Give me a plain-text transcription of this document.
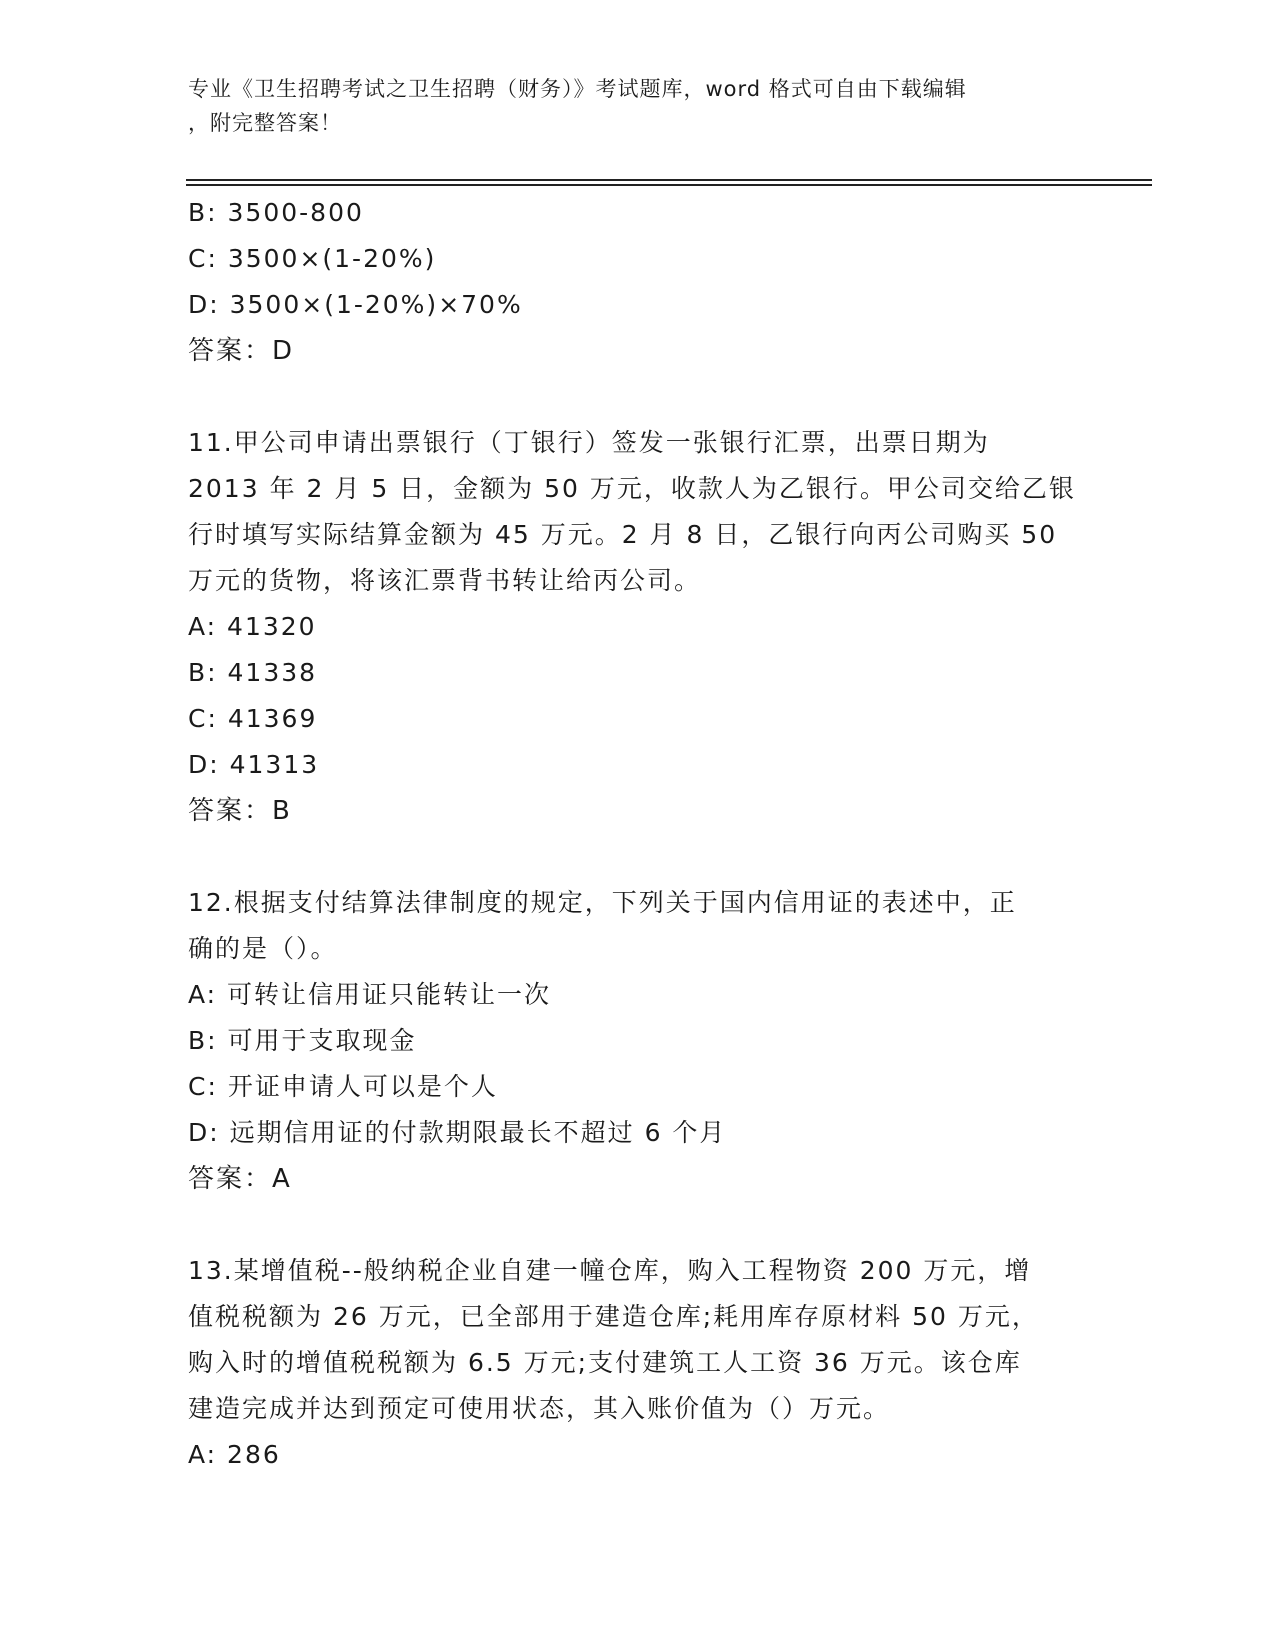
专业《卫生招聘考试之卫生招聘（财务）》考试题库，word 格式可自由下载编辑
，附完整答案！
B: 3500-800
C: 3500×(1-20%)
D: 3500×(1-20%)×70%
答案：D
11.甲公司申请出票银行（丁银行）签发一张银行汇票，出票日期为
2013 年 2 月 5 日，金额为 50 万元，收款人为乙银行。甲公司交给乙银
行时填写实际结算金额为 45 万元。2 月 8 日，乙银行向丙公司购买 50
万元的货物，将该汇票背书转让给丙公司。
A: 41320
B: 41338
C: 41369
D: 41313
答案：B
12.根据支付结算法律制度的规定，下列关于国内信用证的表述中，正
确的是（）。
A: 可转让信用证只能转让一次
B: 可用于支取现金
C: 开证申请人可以是个人
D: 远期信用证的付款期限最长不超过 6 个月
答案：A
13.某增值税--般纳税企业自建一幢仓库，购入工程物资 200 万元，增
值税税额为 26 万元，已全部用于建造仓库;耗用库存原材料 50 万元，
购入时的增值税税额为 6.5 万元;支付建筑工人工资 36 万元。该仓库
建造完成并达到预定可使用状态，其入账价值为（）万元。
A: 286
